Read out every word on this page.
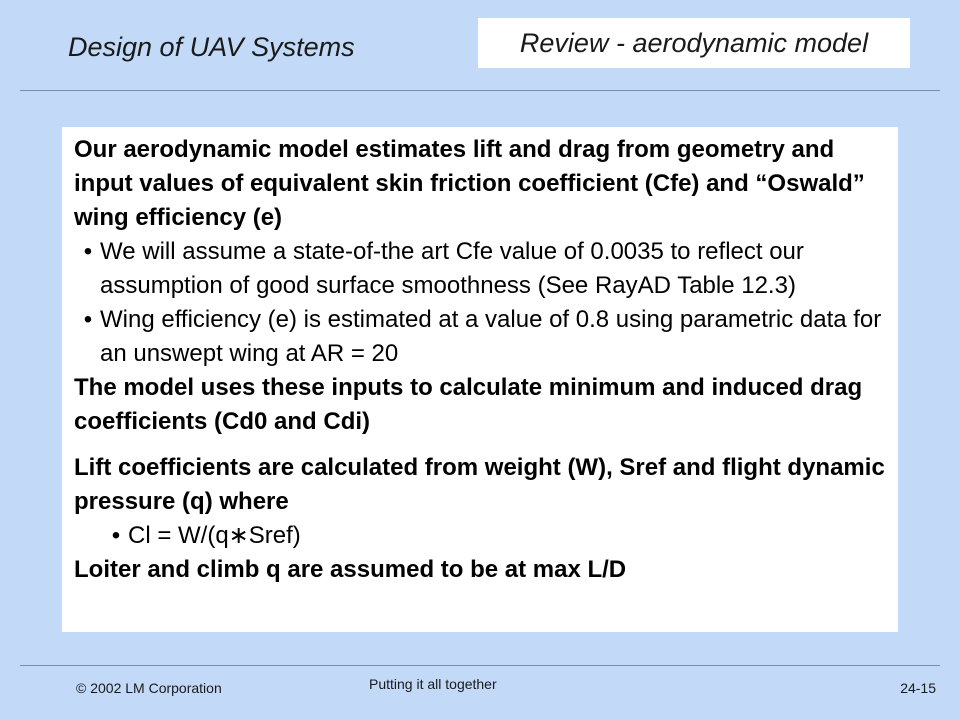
Design of UAV Systems	Review - aerodynamic model

Our aerodynamic model estimates lift and drag from geometry and input values of equivalent skin friction coefficient (Cfe) and “Oswald” wing efficiency (e)

• We will assume a state-of-the art Cfe value of 0.0035 to reflect our assumption of good surface smoothness (See RayAD Table 12.3)
• Wing efficiency (e) is estimated at a value of 0.8 using parametric data for an unswept wing at AR = 20

The model uses these inputs to calculate minimum and induced drag coefficients (Cd0 and Cdi)

Lift coefficients are calculated from weight (W), Sref and flight dynamic pressure (q) where

• Cl = W/(q∗Sref)

Loiter and climb q are assumed to be at max L/D

© 2002 LM Corporation	Putting it all together	24-15
